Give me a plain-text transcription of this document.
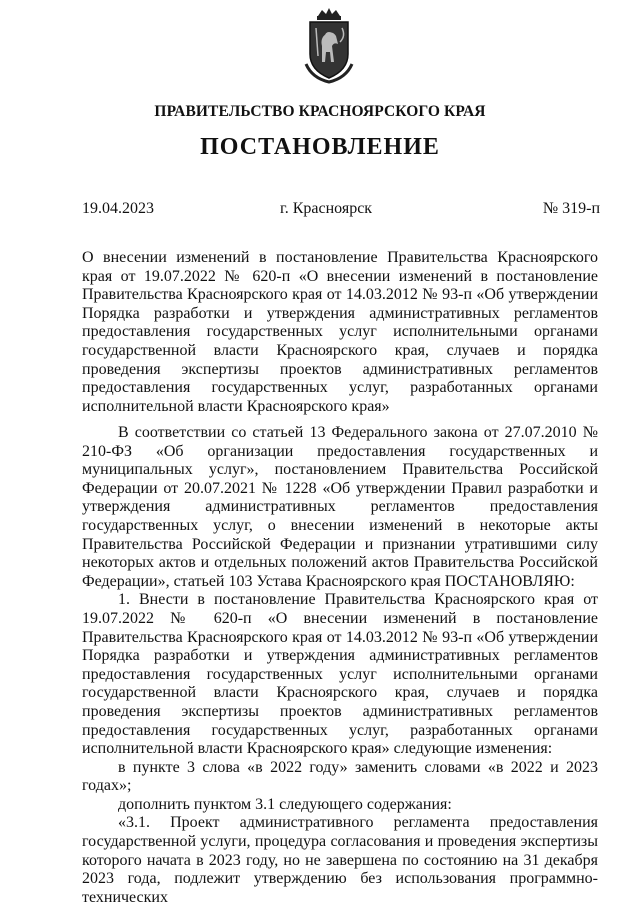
ПРАВИТЕЛЬСТВО КРАСНОЯРСКОГО КРАЯ
ПОСТАНОВЛЕНИЕ
19.04.2023	г. Красноярск	№ 319-п

О внесении изменений в постановление Правительства Красноярского края от 19.07.2022 № 620-п «О внесении изменений в постановление Правительства Красноярского края от 14.03.2012 № 93-п «Об утверждении Порядка разработки и утверждения административных регламентов предоставления государственных услуг исполнительными органами государственной власти Красноярского края, случаев и порядка проведения экспертизы проектов административных регламентов предоставления государственных услуг, разработанных органами исполнительной власти Красноярского края»

В соответствии со статьей 13 Федерального закона от 27.07.2010 № 210-ФЗ «Об организации предоставления государственных и муниципальных услуг», постановлением Правительства Российской Федерации от 20.07.2021 № 1228 «Об утверждении Правил разработки и утверждения административных регламентов предоставления государственных услуг, о внесении изменений в некоторые акты Правительства Российской Федерации и признании утратившими силу некоторых актов и отдельных положений актов Правительства Российской Федерации», статьей 103 Устава Красноярского края ПОСТАНОВЛЯЮ:

1. Внести в постановление Правительства Красноярского края от 19.07.2022 № 620-п «О внесении изменений в постановление Правительства Красноярского края от 14.03.2012 № 93-п «Об утверждении Порядка разработки и утверждения административных регламентов предоставления государственных услуг исполнительными органами государственной власти Красноярского края, случаев и порядка проведения экспертизы проектов административных регламентов предоставления государственных услуг, разработанных органами исполнительной власти Красноярского края» следующие изменения:

в пункте 3 слова «в 2022 году» заменить словами «в 2022 и 2023 годах»;

дополнить пунктом 3.1 следующего содержания:

«3.1. Проект административного регламента предоставления государственной услуги, процедура согласования и проведения экспертизы которого начата в 2023 году, но не завершена по состоянию на 31 декабря 2023 года, подлежит утверждению без использования программно-технических
